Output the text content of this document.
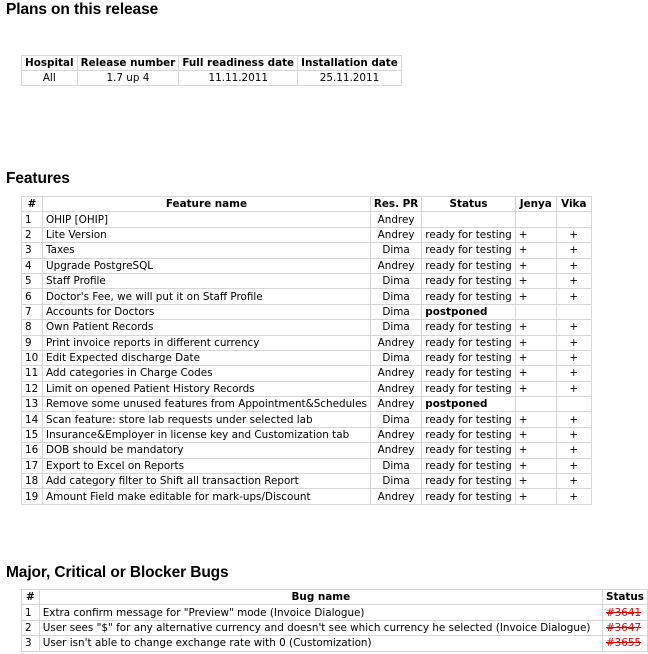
Plans on this release
Hospital	Release number	Full readiness date	Installation date
All	1.7 up 4	11.11.2011	25.11.2011
Features
#	Feature name	Res. PR	Status	Jenya	Vika
1	OHIP [OHIP]	Andrey			
2	Lite Version	Andrey	ready for testing	+	+
3	Taxes	Dima	ready for testing	+	+
4	Upgrade PostgreSQL	Andrey	ready for testing	+	+
5	Staff Profile	Dima	ready for testing	+	+
6	Doctor's Fee, we will put it on Staff Profile	Dima	ready for testing	+	+
7	Accounts for Doctors	Dima	postponed		
8	Own Patient Records	Dima	ready for testing	+	+
9	Print invoice reports in different currency	Andrey	ready for testing	+	+
10	Edit Expected discharge Date	Dima	ready for testing	+	+
11	Add categories in Charge Codes	Andrey	ready for testing	+	+
12	Limit on opened Patient History Records	Andrey	ready for testing	+	+
13	Remove some unused features from Appointment&Schedules	Andrey	postponed		
14	Scan feature: store lab requests under selected lab	Dima	ready for testing	+	+
15	Insurance&Employer in license key and Customization tab	Andrey	ready for testing	+	+
16	DOB should be mandatory	Andrey	ready for testing	+	+
17	Export to Excel on Reports	Dima	ready for testing	+	+
18	Add category filter to Shift all transaction Report	Dima	ready for testing	+	+
19	Amount Field make editable for mark-ups/Discount	Andrey	ready for testing	+	+
Major, Critical or Blocker Bugs
#	Bug name	Status
1	Extra confirm message for "Preview" mode (Invoice Dialogue)	#3641
2	User sees "$" for any alternative currency and doesn't see which currency he selected (Invoice Dialogue)	#3647
3	User isn't able to change exchange rate with 0 (Customization)	#3655
